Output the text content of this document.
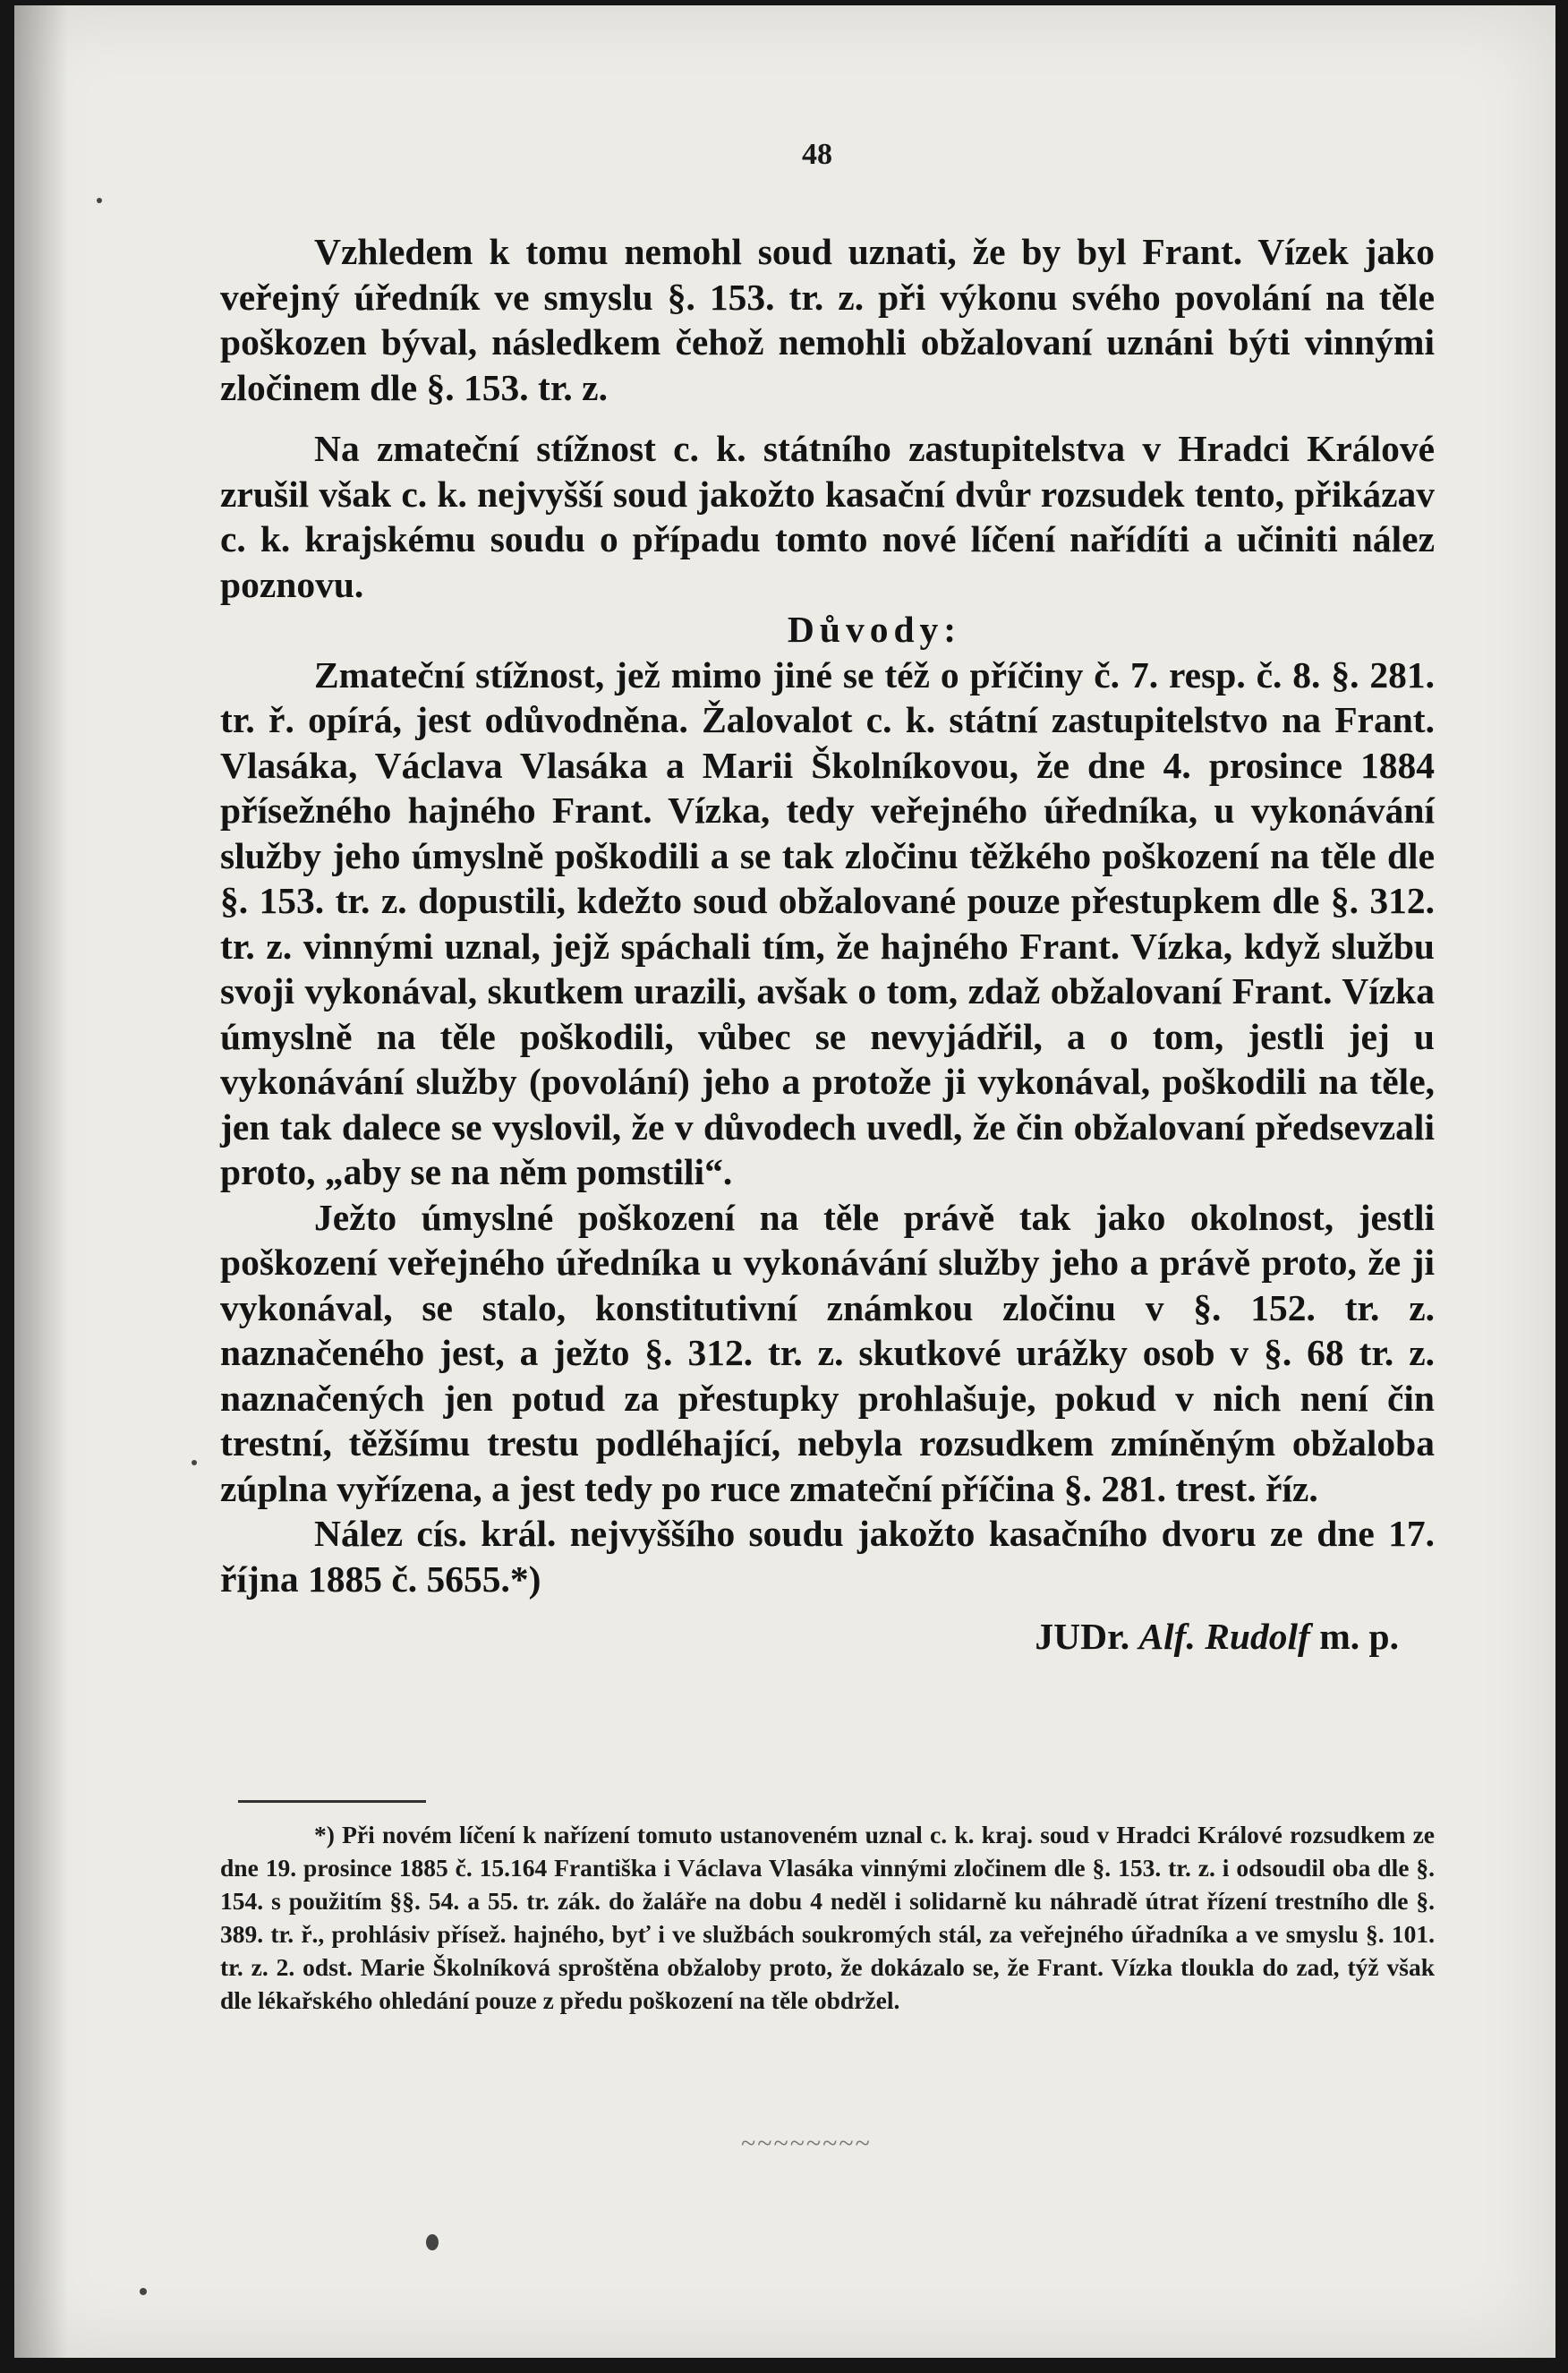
48

Vzhledem k tomu nemohl soud uznati, že by byl Frant. Vízek jako veřejný úředník ve smyslu §. 153. tr. z. při výkonu svého povolání na těle poškozen býval, následkem čehož nemohli obžalovaní uznáni býti vinnými zločinem dle §. 153. tr. z.

Na zmateční stížnost c. k. státního zastupitelstva v Hradci Králové zrušil však c. k. nejvyšší soud jakožto kasační dvůr rozsudek tento, přikázav c. k. krajskému soudu o případu tomto nové líčení nařídíti a učiniti nález poznovu.

Důvody:

Zmateční stížnost, jež mimo jiné se též o příčiny č. 7. resp. č. 8. §. 281. tr. ř. opírá, jest odůvodněna. Žalovalot c. k. státní zastupitelstvo na Frant. Vlasáka, Václava Vlasáka a Marii Školníkovou, že dne 4. prosince 1884 přísežného hajného Frant. Vízka, tedy veřejného úředníka, u vykonávání služby jeho úmyslně poškodili a se tak zločinu těžkého poškození na těle dle §. 153. tr. z. dopustili, kdežto soud obžalované pouze přestupkem dle §. 312. tr. z. vinnými uznal, jejž spáchali tím, že hajného Frant. Vízka, když službu svoji vykonával, skutkem urazili, avšak o tom, zdaž obžalovaní Frant. Vízka úmyslně na těle poškodili, vůbec se nevyjádřil, a o tom, jestli jej u vykonávání služby (povolání) jeho a protože ji vykonával, poškodili na těle, jen tak dalece se vyslovil, že v důvodech uvedl, že čin obžalovaní předsevzali proto, „aby se na něm pomstili“.

Ježto úmyslné poškození na těle právě tak jako okolnost, jestli poškození veřejného úředníka u vykonávání služby jeho a právě proto, že ji vykonával, se stalo, konstitutivní známkou zločinu v §. 152. tr. z. naznačeného jest, a ježto §. 312. tr. z. skutkové urážky osob v §. 68 tr. z. naznačených jen potud za přestupky prohlašuje, pokud v nich není čin trestní, těžšímu trestu podléhající, nebyla rozsudkem zmíněným obžaloba zúplna vyřízena, a jest tedy po ruce zmateční příčina §. 281. trest. říz.

Nález cís. král. nejvyššího soudu jakožto kasačního dvoru ze dne 17. října 1885 č. 5655.*)

JUDr. Alf. Rudolf m. p.

*) Při novém líčení k nařízení tomuto ustanoveném uznal c. k. kraj. soud v Hradci Králové rozsudkem ze dne 19. prosince 1885 č. 15.164 Františka i Václava Vlasáka vinnými zločinem dle §. 153. tr. z. i odsoudil oba dle §. 154. s použitím §§. 54. a 55. tr. zák. do žaláře na dobu 4 neděl i solidarně ku náhradě útrat řízení trestního dle §. 389. tr. ř., prohlásiv přísež. hajného, byť i ve službách soukromých stál, za veřejného úřadníka a ve smyslu §. 101. tr. z. 2. odst. Marie Školníková sproštěna obžaloby proto, že dokázalo se, že Frant. Vízka tloukla do zad, týž však dle lékařského ohledání pouze z předu poškození na těle obdržel.

~~~~~~~~
